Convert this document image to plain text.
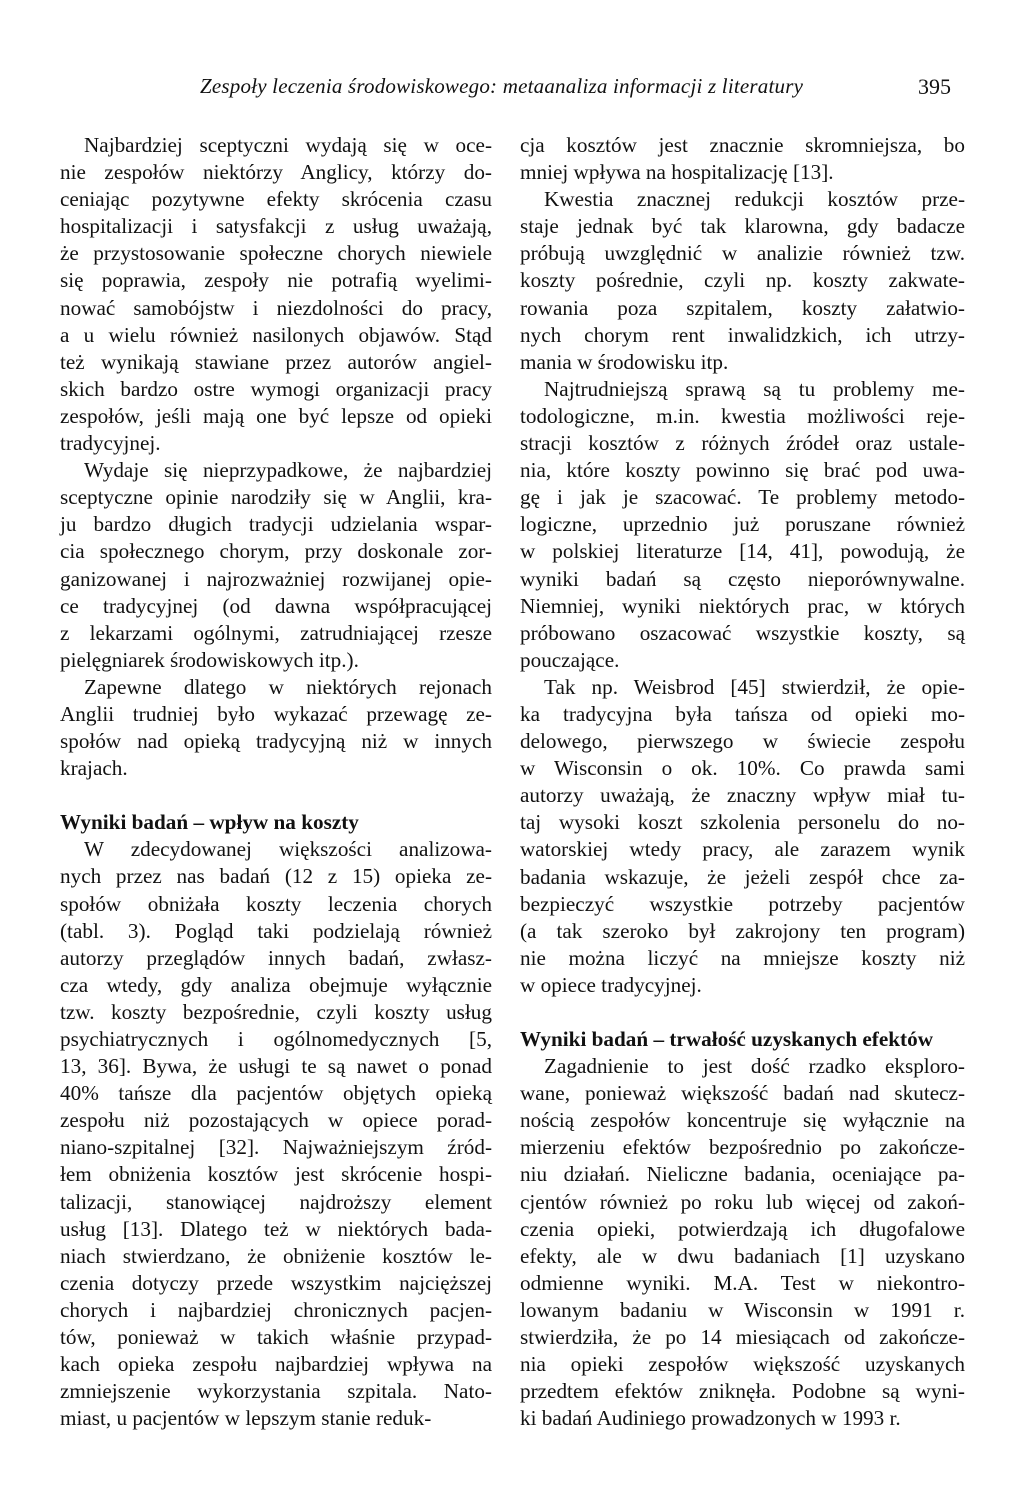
Zespoły leczenia środowiskowego: metaanaliza informacji z literatury	395
Najbardziej sceptyczni wydają się w oce-
nie zespołów niektórzy Anglicy, którzy do-
ceniając pozytywne efekty skrócenia czasu
hospitalizacji i satysfakcji z usług uważają,
że przystosowanie społeczne chorych niewiele
się poprawia, zespoły nie potrafią wyelimi-
nować samobójstw i niezdolności do pracy,
a u wielu również nasilonych objawów. Stąd
też wynikają stawiane przez autorów angiel-
skich bardzo ostre wymogi organizacji pracy
zespołów, jeśli mają one być lepsze od opieki
tradycyjnej.
Wydaje się nieprzypadkowe, że najbardziej
sceptyczne opinie narodziły się w Anglii, kra-
ju bardzo długich tradycji udzielania wspar-
cia społecznego chorym, przy doskonale zor-
ganizowanej i najrozważniej rozwijanej opie-
ce tradycyjnej (od dawna współpracującej
z lekarzami ogólnymi, zatrudniającej rzesze
pielęgniarek środowiskowych itp.).
Zapewne dlatego w niektórych rejonach
Anglii trudniej było wykazać przewagę ze-
społów nad opieką tradycyjną niż w innych
krajach.
Wyniki badań – wpływ na koszty
W zdecydowanej większości analizowa-
nych przez nas badań (12 z 15) opieka ze-
społów obniżała koszty leczenia chorych
(tabl. 3). Pogląd taki podzielają również
autorzy przeglądów innych badań, zwłasz-
cza wtedy, gdy analiza obejmuje wyłącznie
tzw. koszty bezpośrednie, czyli koszty usług
psychiatrycznych i ogólnomedycznych [5,
13, 36]. Bywa, że usługi te są nawet o ponad
40% tańsze dla pacjentów objętych opieką
zespołu niż pozostających w opiece porad-
niano-szpitalnej [32]. Najważniejszym źród-
łem obniżenia kosztów jest skrócenie hospi-
talizacji, stanowiącej najdroższy element
usług [13]. Dlatego też w niektórych bada-
niach stwierdzano, że obniżenie kosztów le-
czenia dotyczy przede wszystkim najcięższej
chorych i najbardziej chronicznych pacjen-
tów, ponieważ w takich właśnie przypad-
kach opieka zespołu najbardziej wpływa na
zmniejszenie wykorzystania szpitala. Nato-
miast, u pacjentów w lepszym stanie reduk-
cja kosztów jest znacznie skromniejsza, bo
mniej wpływa na hospitalizację [13].
Kwestia znacznej redukcji kosztów prze-
staje jednak być tak klarowna, gdy badacze
próbują uwzględnić w analizie również tzw.
koszty pośrednie, czyli np. koszty zakwate-
rowania poza szpitalem, koszty załatwio-
nych chorym rent inwalidzkich, ich utrzy-
mania w środowisku itp.
Najtrudniejszą sprawą są tu problemy me-
todologiczne, m.in. kwestia możliwości reje-
stracji kosztów z różnych źródeł oraz ustale-
nia, które koszty powinno się brać pod uwa-
gę i jak je szacować. Te problemy metodo-
logiczne, uprzednio już poruszane również
w polskiej literaturze [14, 41], powodują, że
wyniki badań są często nieporównywalne.
Niemniej, wyniki niektórych prac, w których
próbowano oszacować wszystkie koszty, są
pouczające.
Tak np. Weisbrod [45] stwierdził, że opie-
ka tradycyjna była tańsza od opieki mo-
delowego, pierwszego w świecie zespołu
w Wisconsin o ok. 10%. Co prawda sami
autorzy uważają, że znaczny wpływ miał tu-
taj wysoki koszt szkolenia personelu do no-
watorskiej wtedy pracy, ale zarazem wynik
badania wskazuje, że jeżeli zespół chce za-
bezpieczyć wszystkie potrzeby pacjentów
(a tak szeroko był zakrojony ten program)
nie można liczyć na mniejsze koszty niż
w opiece tradycyjnej.
Wyniki badań – trwałość uzyskanych efektów
Zagadnienie to jest dość rzadko eksplorο-
wane, ponieważ większość badań nad skutecz-
nością zespołów koncentruje się wyłącznie na
mierzeniu efektów bezpośrednio po zakończe-
niu działań. Nieliczne badania, oceniające pa-
cjentów również po roku lub więcej od zakoń-
czenia opieki, potwierdzają ich długofalowe
efekty, ale w dwu badaniach [1] uzyskano
odmienne wyniki. M.A. Test w niekontro-
lowanym badaniu w Wisconsin w 1991 r.
stwierdziła, że po 14 miesiącach od zakończe-
nia opieki zespołów większość uzyskanych
przedtem efektów zniknęła. Podobne są wyni-
ki badań Audiniego prowadzonych w 1993 r.
